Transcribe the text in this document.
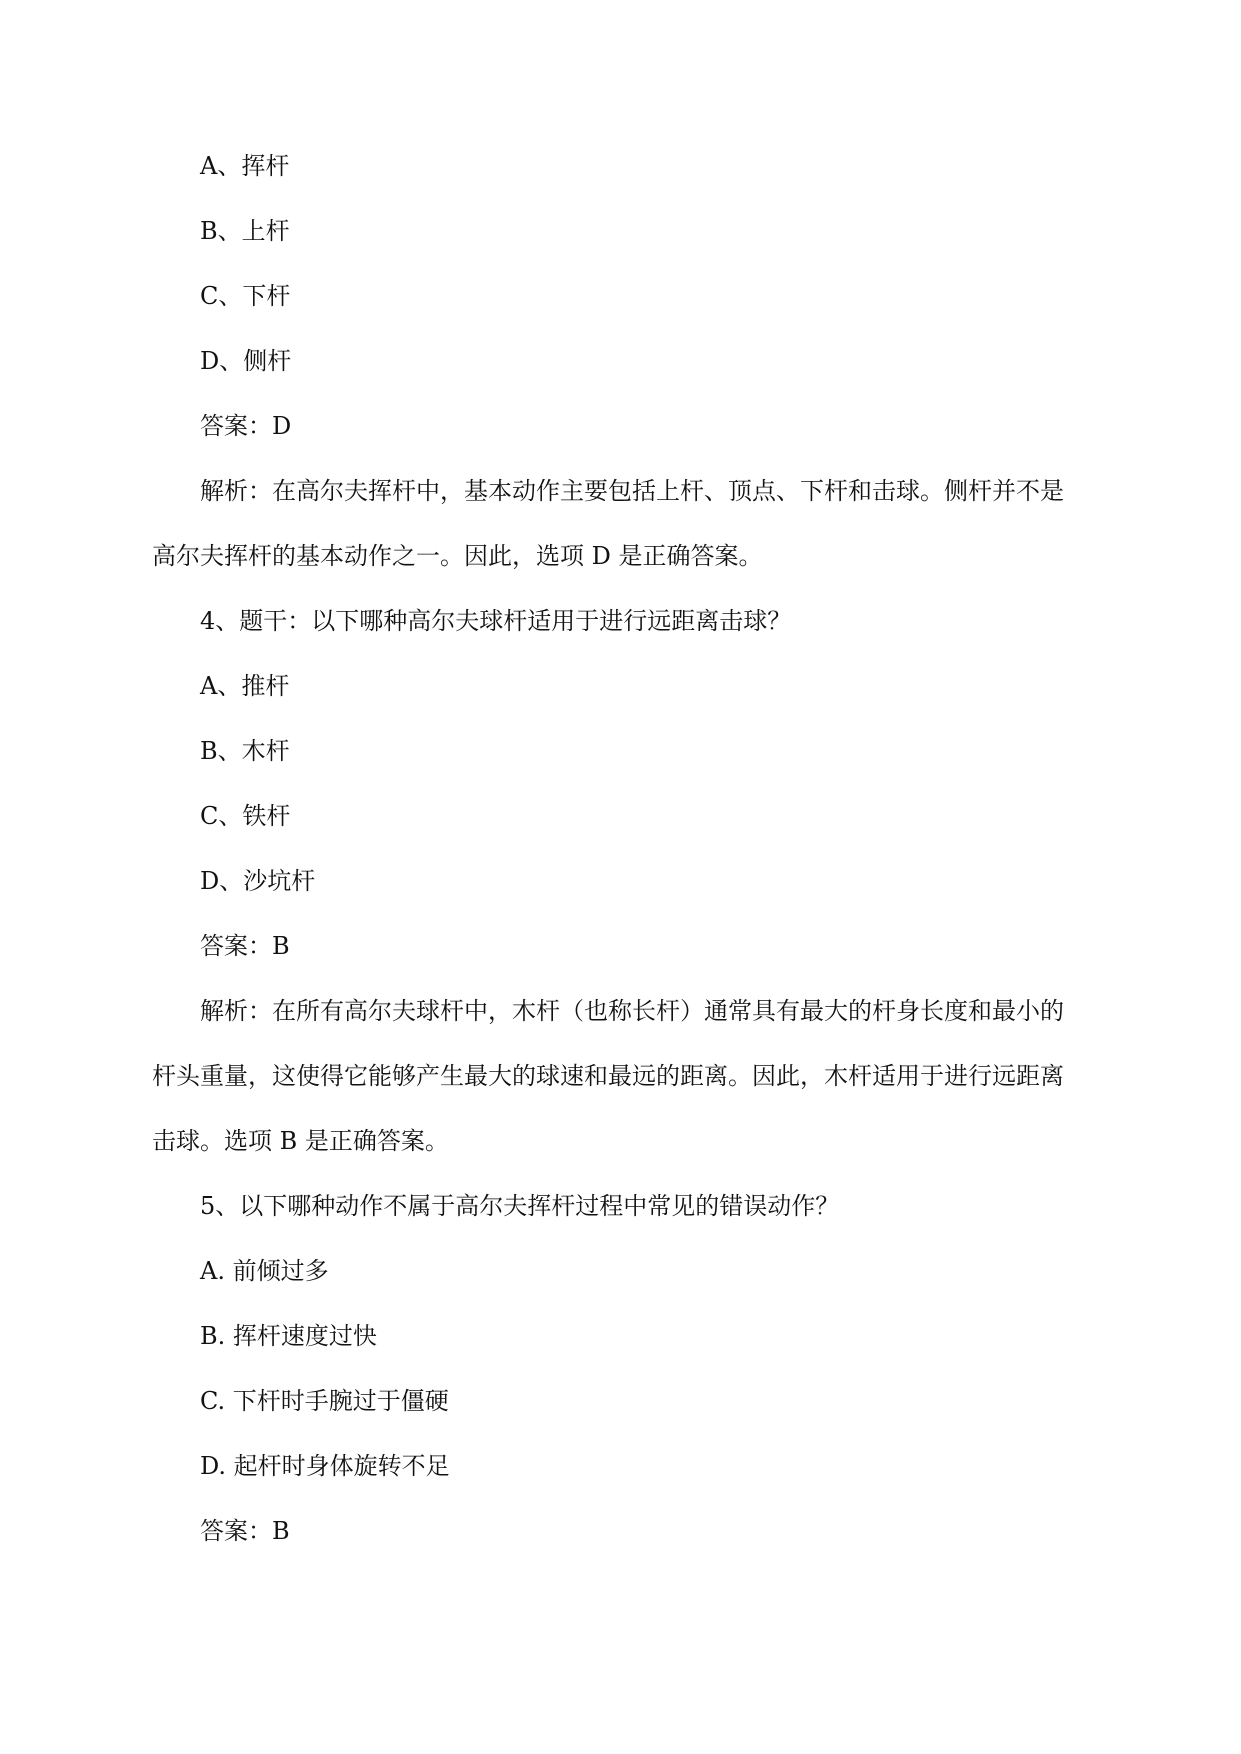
A、挥杆
B、上杆
C、下杆
D、侧杆
答案：D
解析：在高尔夫挥杆中，基本动作主要包括上杆、顶点、下杆和击球。侧杆并不是
高尔夫挥杆的基本动作之一。因此，选项 D 是正确答案。
4、题干：以下哪种高尔夫球杆适用于进行远距离击球？
A、推杆
B、木杆
C、铁杆
D、沙坑杆
答案：B
解析：在所有高尔夫球杆中，木杆（也称长杆）通常具有最大的杆身长度和最小的
杆头重量，这使得它能够产生最大的球速和最远的距离。因此，木杆适用于进行远距离
击球。选项 B 是正确答案。
5、以下哪种动作不属于高尔夫挥杆过程中常见的错误动作？
A. 前倾过多
B. 挥杆速度过快
C. 下杆时手腕过于僵硬
D. 起杆时身体旋转不足
答案：B
